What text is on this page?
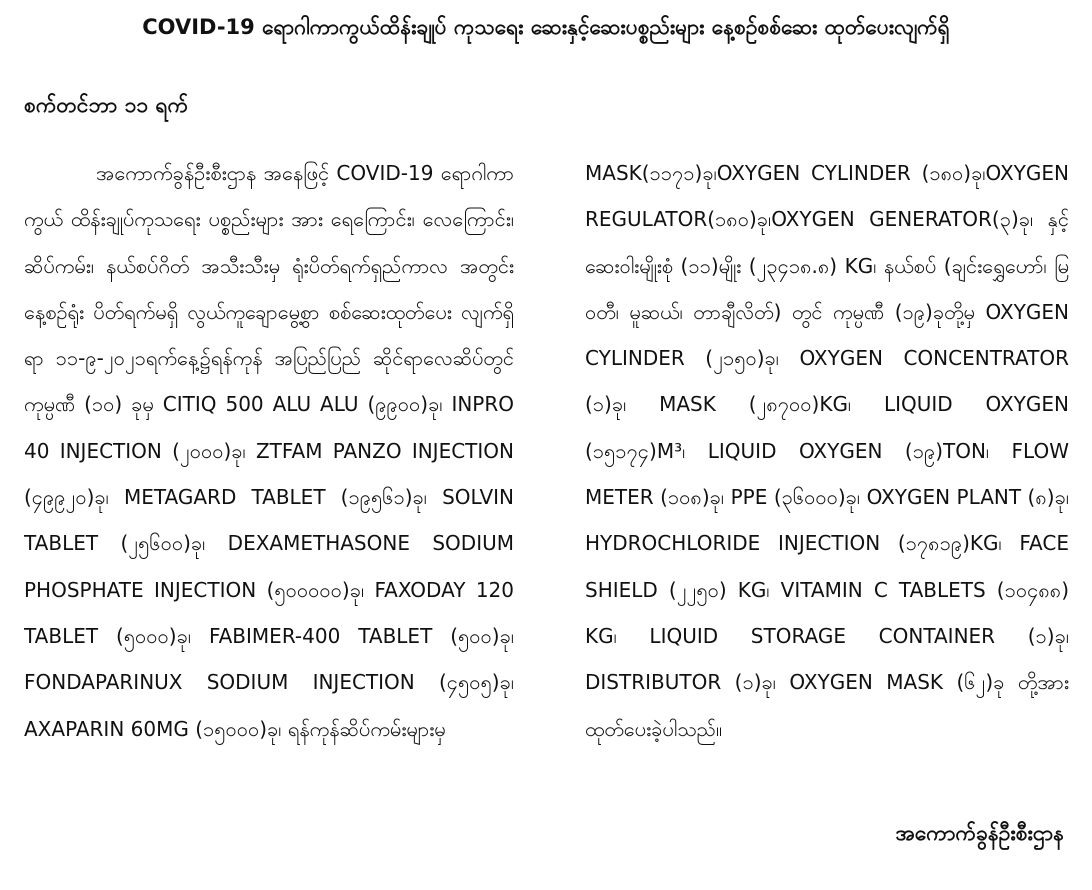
COVID-19 ရောဂါကာကွယ်ထိန်းချုပ် ကုသရေး ဆေးနှင့်ဆေးပစ္စည်းများ နေ့စဉ်စစ်ဆေး ထုတ်ပေးလျက်ရှိ
စက်တင်ဘာ ၁၁ ရက်
အကောက်ခွန်ဦးစီးဌာန အနေဖြင့် COVID-19 ရောဂါကာကွယ် ထိန်းချုပ်ကုသရေး ပစ္စည်းများ အား ရေကြောင်း၊ လေကြောင်း၊ ဆိပ်ကမ်း၊ နယ်စပ်ဂိတ် အသီးသီးမှ ရုံးပိတ်ရက်ရှည်ကာလ အတွင်း နေ့စဉ်ရုံး ပိတ်ရက်မရှိ လွယ်ကူချောမွေ့စွာ စစ်ဆေးထုတ်ပေး လျက်ရှိရာ ၁၁-၉-၂၀၂၁ရက်နေ့၌ရန်ကုန် အပြည်ပြည် ဆိုင်ရာလေဆိပ်တွင် ကုမ္ပဏီ (၁၀) ခုမှ CITIQ 500 ALU ALU (၉၉၀၀)ခု၊ INPRO 40 INJECTION (၂၀၀၀)ခု၊ ZTFAM PANZO INJECTION (၄၉၉၂၀)ခု၊ METAGARD TABLET (၁၉၅၆၁)ခု၊ SOLVIN TABLET (၂၅၆၀၀)ခု၊ DEXAMETHASONE SODIUM PHOSPHATE INJECTION (၅၀၀၀၀၀)ခု၊ FAXODAY 120 TABLET (၅၀၀၀)ခု၊ FABIMER-400 TABLET (၅၀၀)ခု၊ FONDAPARINUX SODIUM INJECTION (၄၅၀၅)ခု၊ AXAPARIN 60MG (၁၅၀၀၀)ခု၊ ရန်ကုန်ဆိပ်ကမ်းများမှ
MASK(၁၁၇၁)ခု၊OXYGEN CYLINDER (၁၈၀)ခု၊OXYGEN REGULATOR(၁၈၀)ခု၊OXYGEN GENERATOR(၃)ခု၊ နှင့် ဆေးဝါးမျိုးစုံ (၁၁)မျိုး (၂၃၄၁၈.၈) KG၊ နယ်စပ် (ချင်းရွှေဟော်၊ မြဝတီ၊ မူဆယ်၊ တာချီလိတ်) တွင် ကုမ္ပဏီ (၁၉)ခုတို့မှ OXYGEN CYLINDER (၂၁၅၀)ခု၊ OXYGEN CONCENTRATOR (၁)ခု၊ MASK (၂၈၇၀၀)KG၊ LIQUID OXYGEN (၁၅၁၇၄)M³၊ LIQUID OXYGEN (၁၉)TON၊ FLOW METER (၁၀၈)ခု၊ PPE (၃၆၀၀၀)ခု၊ OXYGEN PLANT (၈)ခု၊ HYDROCHLORIDE INJECTION (၁၇၈၁၉)KG၊ FACE SHIELD (၂၂၅၀) KG၊ VITAMIN C TABLETS (၁၀၄၈၈) KG၊ LIQUID STORAGE CONTAINER (၁)ခု၊ DISTRIBUTOR (၁)ခု၊ OXYGEN MASK (၆၂)ခု တို့အား ထုတ်ပေးခဲ့ပါသည်။
အကောက်ခွန်ဦးစီးဌာန
